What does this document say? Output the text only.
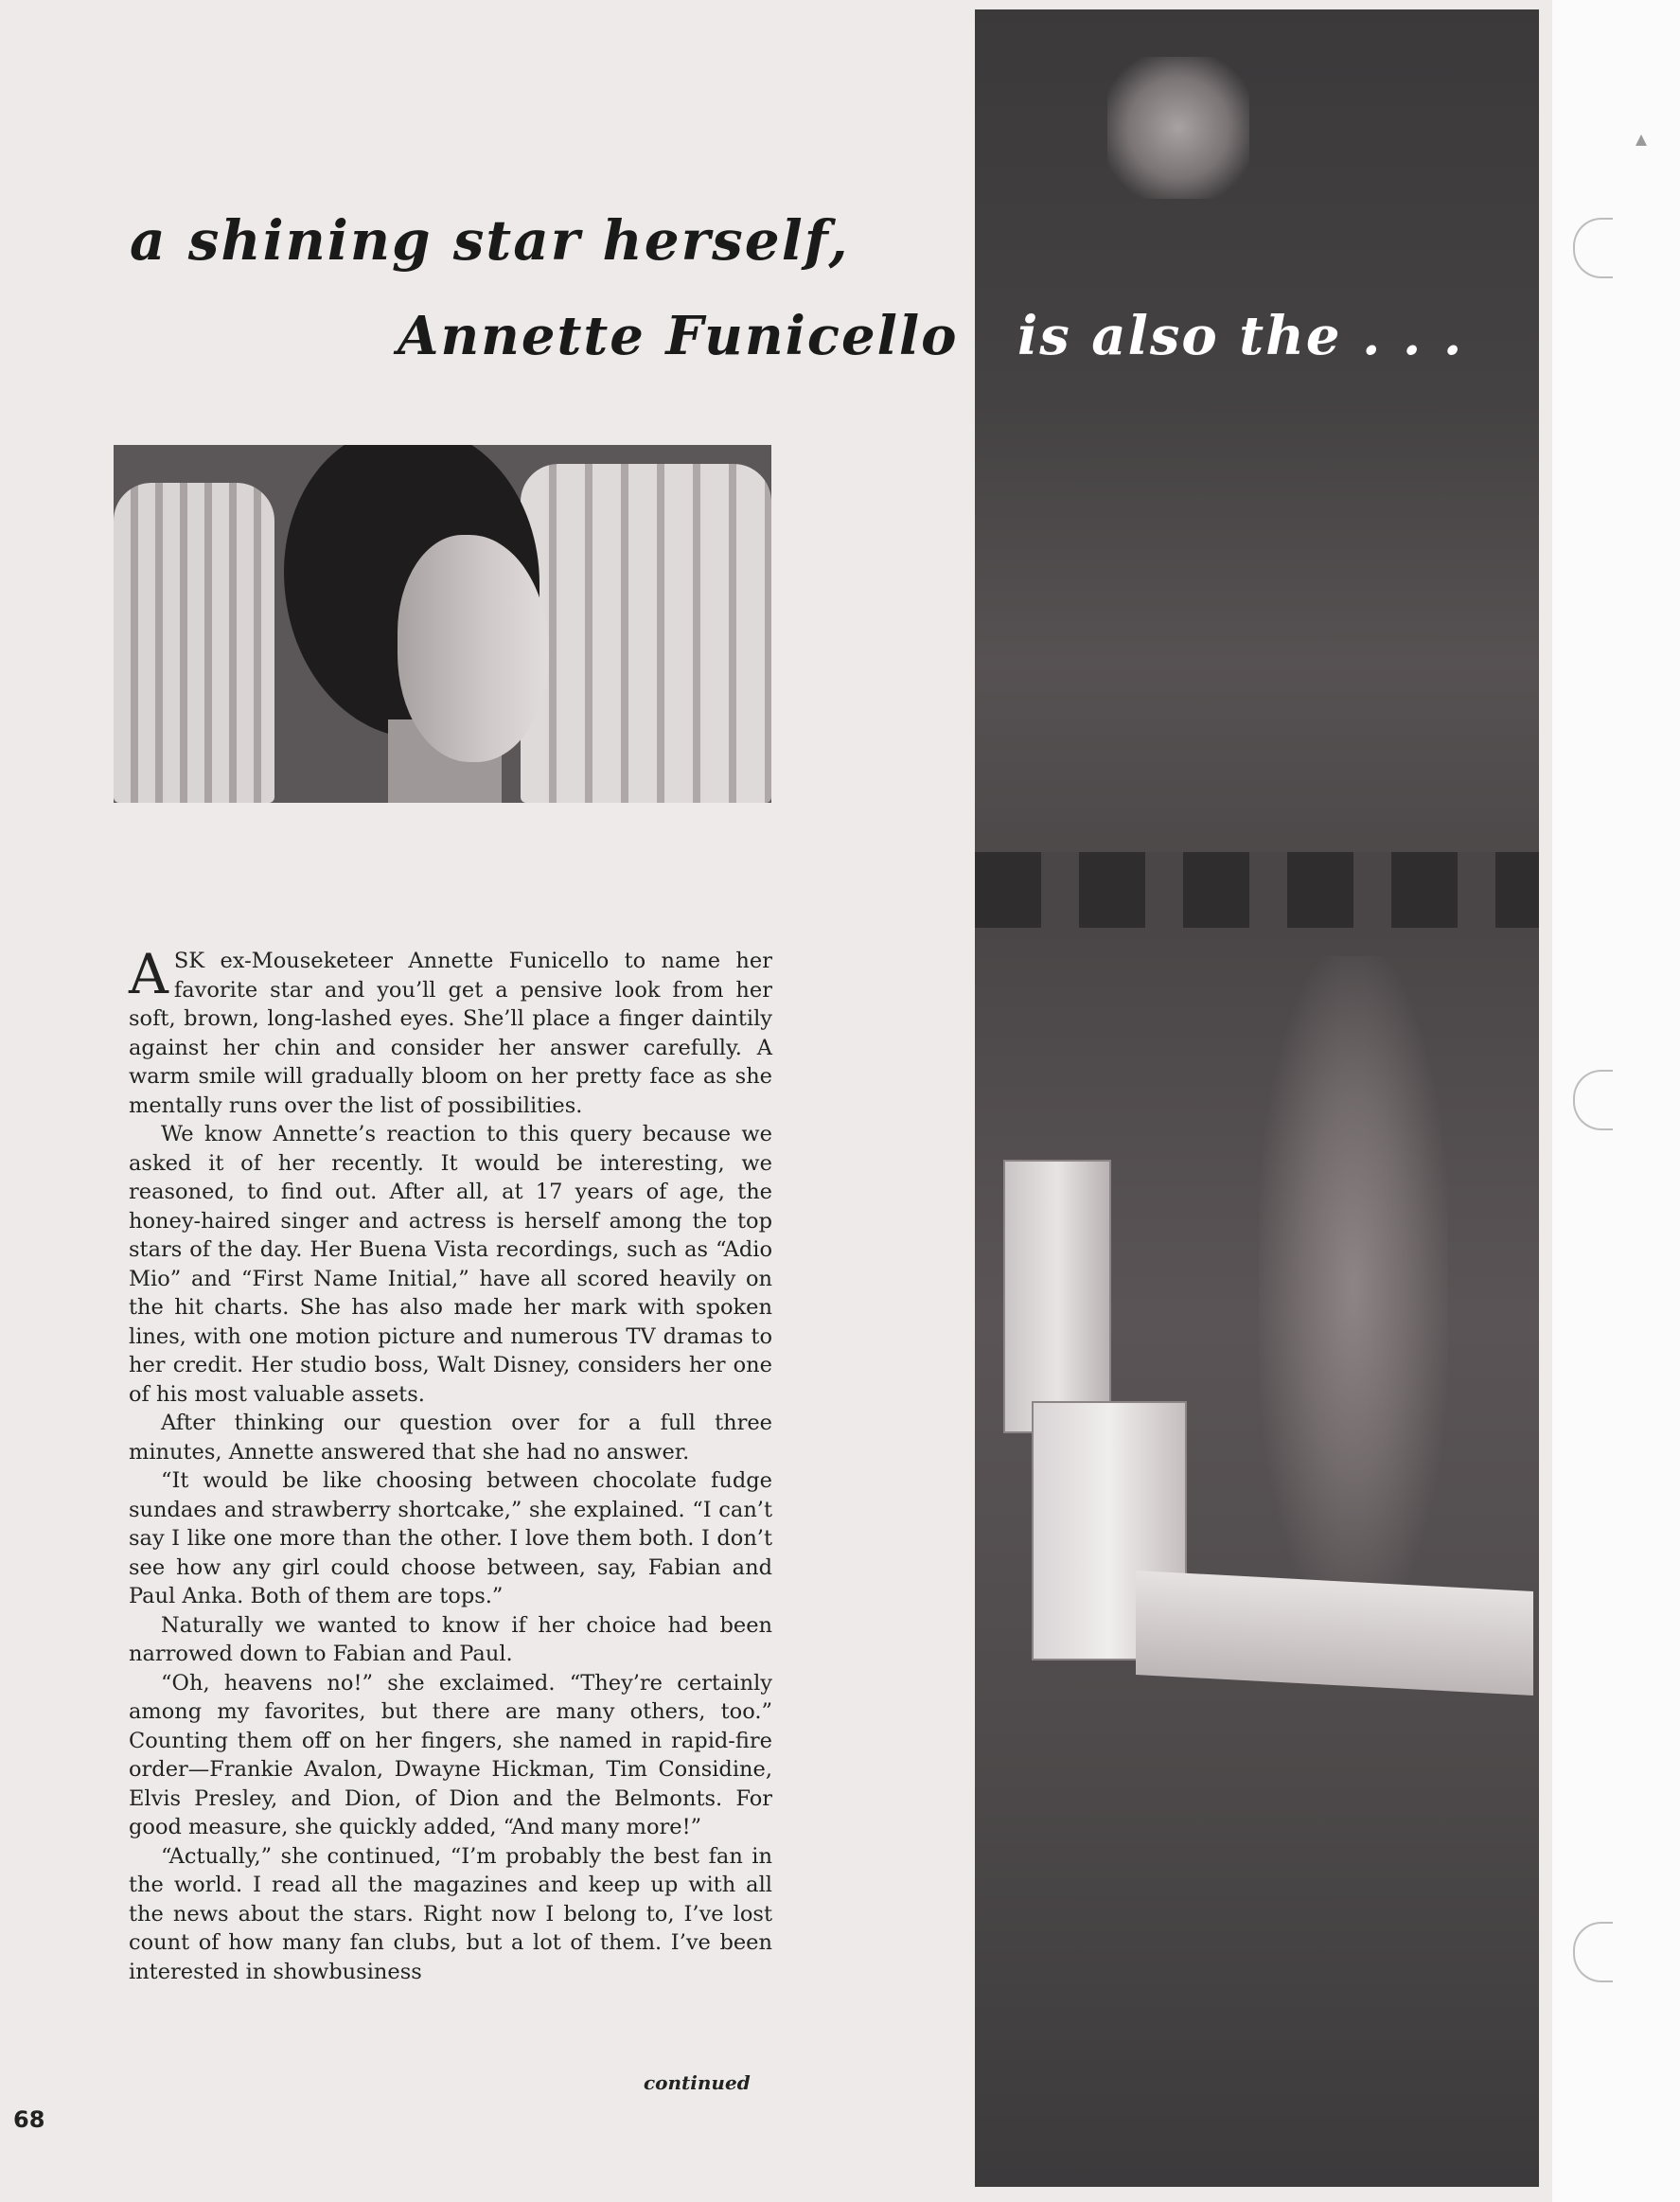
a shining star herself,
Annette Funicello is also the . . .

ASK ex-Mouseketeer Annette Funicello to name her favorite star and you’ll get a pensive look from her soft, brown, long-lashed eyes. She’ll place a finger daintily against her chin and consider her answer carefully. A warm smile will gradually bloom on her pretty face as she mentally runs over the list of possibilities.

We know Annette’s reaction to this query because we asked it of her recently. It would be interesting, we reasoned, to find out. After all, at 17 years of age, the honey-haired singer and actress is herself among the top stars of the day. Her Buena Vista recordings, such as “Adio Mio” and “First Name Initial,” have all scored heavily on the hit charts. She has also made her mark with spoken lines, with one motion picture and numerous TV dramas to her credit. Her studio boss, Walt Disney, considers her one of his most valuable assets.

After thinking our question over for a full three minutes, Annette answered that she had no answer.

“It would be like choosing between chocolate fudge sundaes and strawberry shortcake,” she explained. “I can’t say I like one more than the other. I love them both. I don’t see how any girl could choose between, say, Fabian and Paul Anka. Both of them are tops.”

Naturally we wanted to know if her choice had been narrowed down to Fabian and Paul.

“Oh, heavens no!” she exclaimed. “They’re certainly among my favorites, but there are many others, too.” Counting them off on her fingers, she named in rapid-fire order—Frankie Avalon, Dwayne Hickman, Tim Considine, Elvis Presley, and Dion, of Dion and the Belmonts. For good measure, she quickly added, “And many more!”

“Actually,” she continued, “I’m probably the best fan in the world. I read all the magazines and keep up with all the news about the stars. Right now I belong to, I’ve lost count of how many fan clubs, but a lot of them. I’ve been interested in showbusiness

continued
68
